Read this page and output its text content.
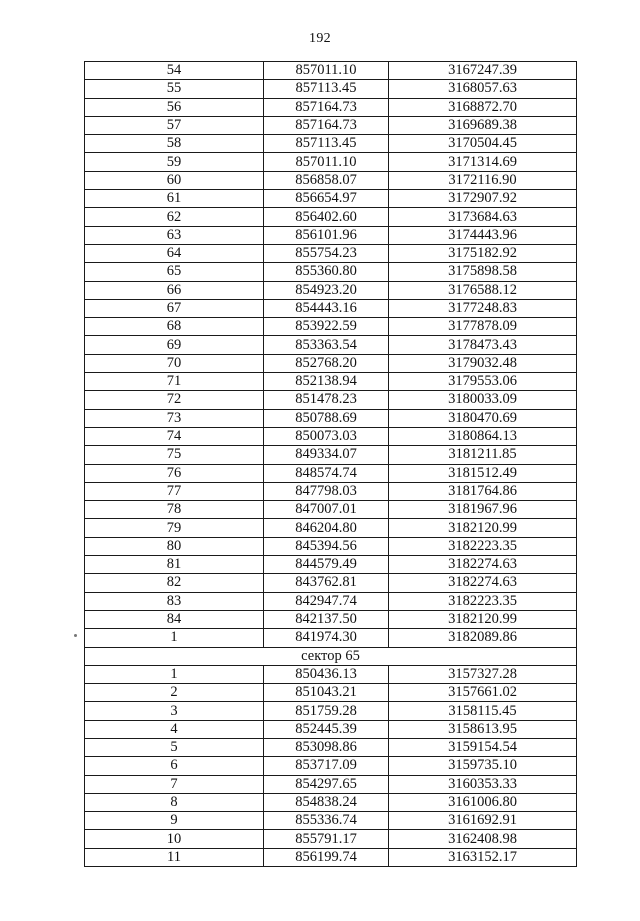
192
54	857011.10	3167247.39
55	857113.45	3168057.63
56	857164.73	3168872.70
57	857164.73	3169689.38
58	857113.45	3170504.45
59	857011.10	3171314.69
60	856858.07	3172116.90
61	856654.97	3172907.92
62	856402.60	3173684.63
63	856101.96	3174443.96
64	855754.23	3175182.92
65	855360.80	3175898.58
66	854923.20	3176588.12
67	854443.16	3177248.83
68	853922.59	3177878.09
69	853363.54	3178473.43
70	852768.20	3179032.48
71	852138.94	3179553.06
72	851478.23	3180033.09
73	850788.69	3180470.69
74	850073.03	3180864.13
75	849334.07	3181211.85
76	848574.74	3181512.49
77	847798.03	3181764.86
78	847007.01	3181967.96
79	846204.80	3182120.99
80	845394.56	3182223.35
81	844579.49	3182274.63
82	843762.81	3182274.63
83	842947.74	3182223.35
84	842137.50	3182120.99
1	841974.30	3182089.86
сектор 65		
1	850436.13	3157327.28
2	851043.21	3157661.02
3	851759.28	3158115.45
4	852445.39	3158613.95
5	853098.86	3159154.54
6	853717.09	3159735.10
7	854297.65	3160353.33
8	854838.24	3161006.80
9	855336.74	3161692.91
10	855791.17	3162408.98
11	856199.74	3163152.17
